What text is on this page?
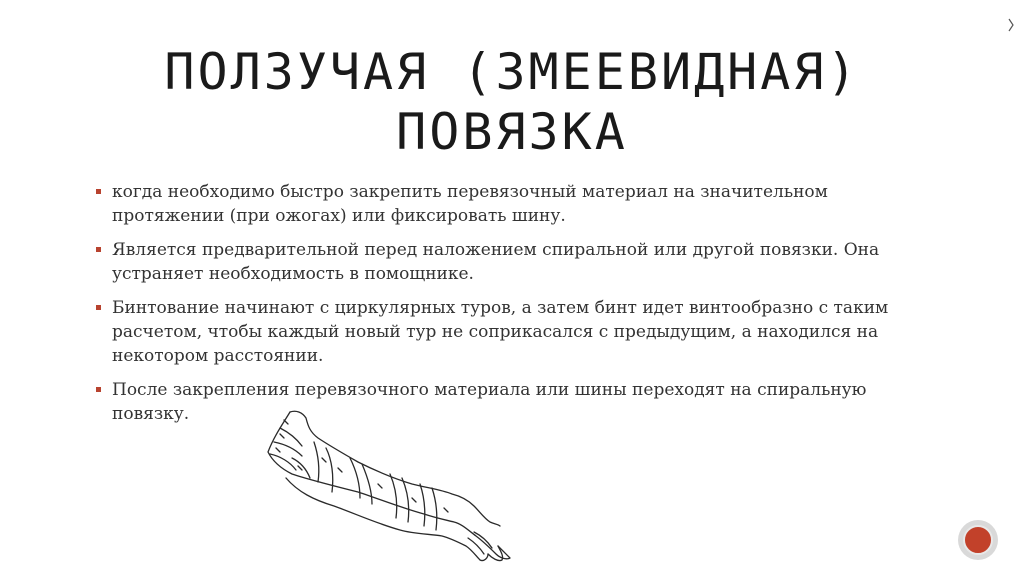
ПОЛЗУЧАЯ (ЗМЕЕВИДНАЯ)
ПОВЯЗКА
когда необходимо быстро закрепить перевязочный материал на значительном протяжении (при ожогах) или фиксировать шину.
Является предварительной перед наложением спиральной или другой повязки. Она устраняет необходимость в помощнике.
Бинтование начинают с циркулярных туров, а затем бинт идет винтообразно с таким расчетом, чтобы каждый новый тур не соприкасался с предыдущим, а находился на некотором расстоянии.
После закрепления перевязочного материала или шины переходят на спиральную повязку.
